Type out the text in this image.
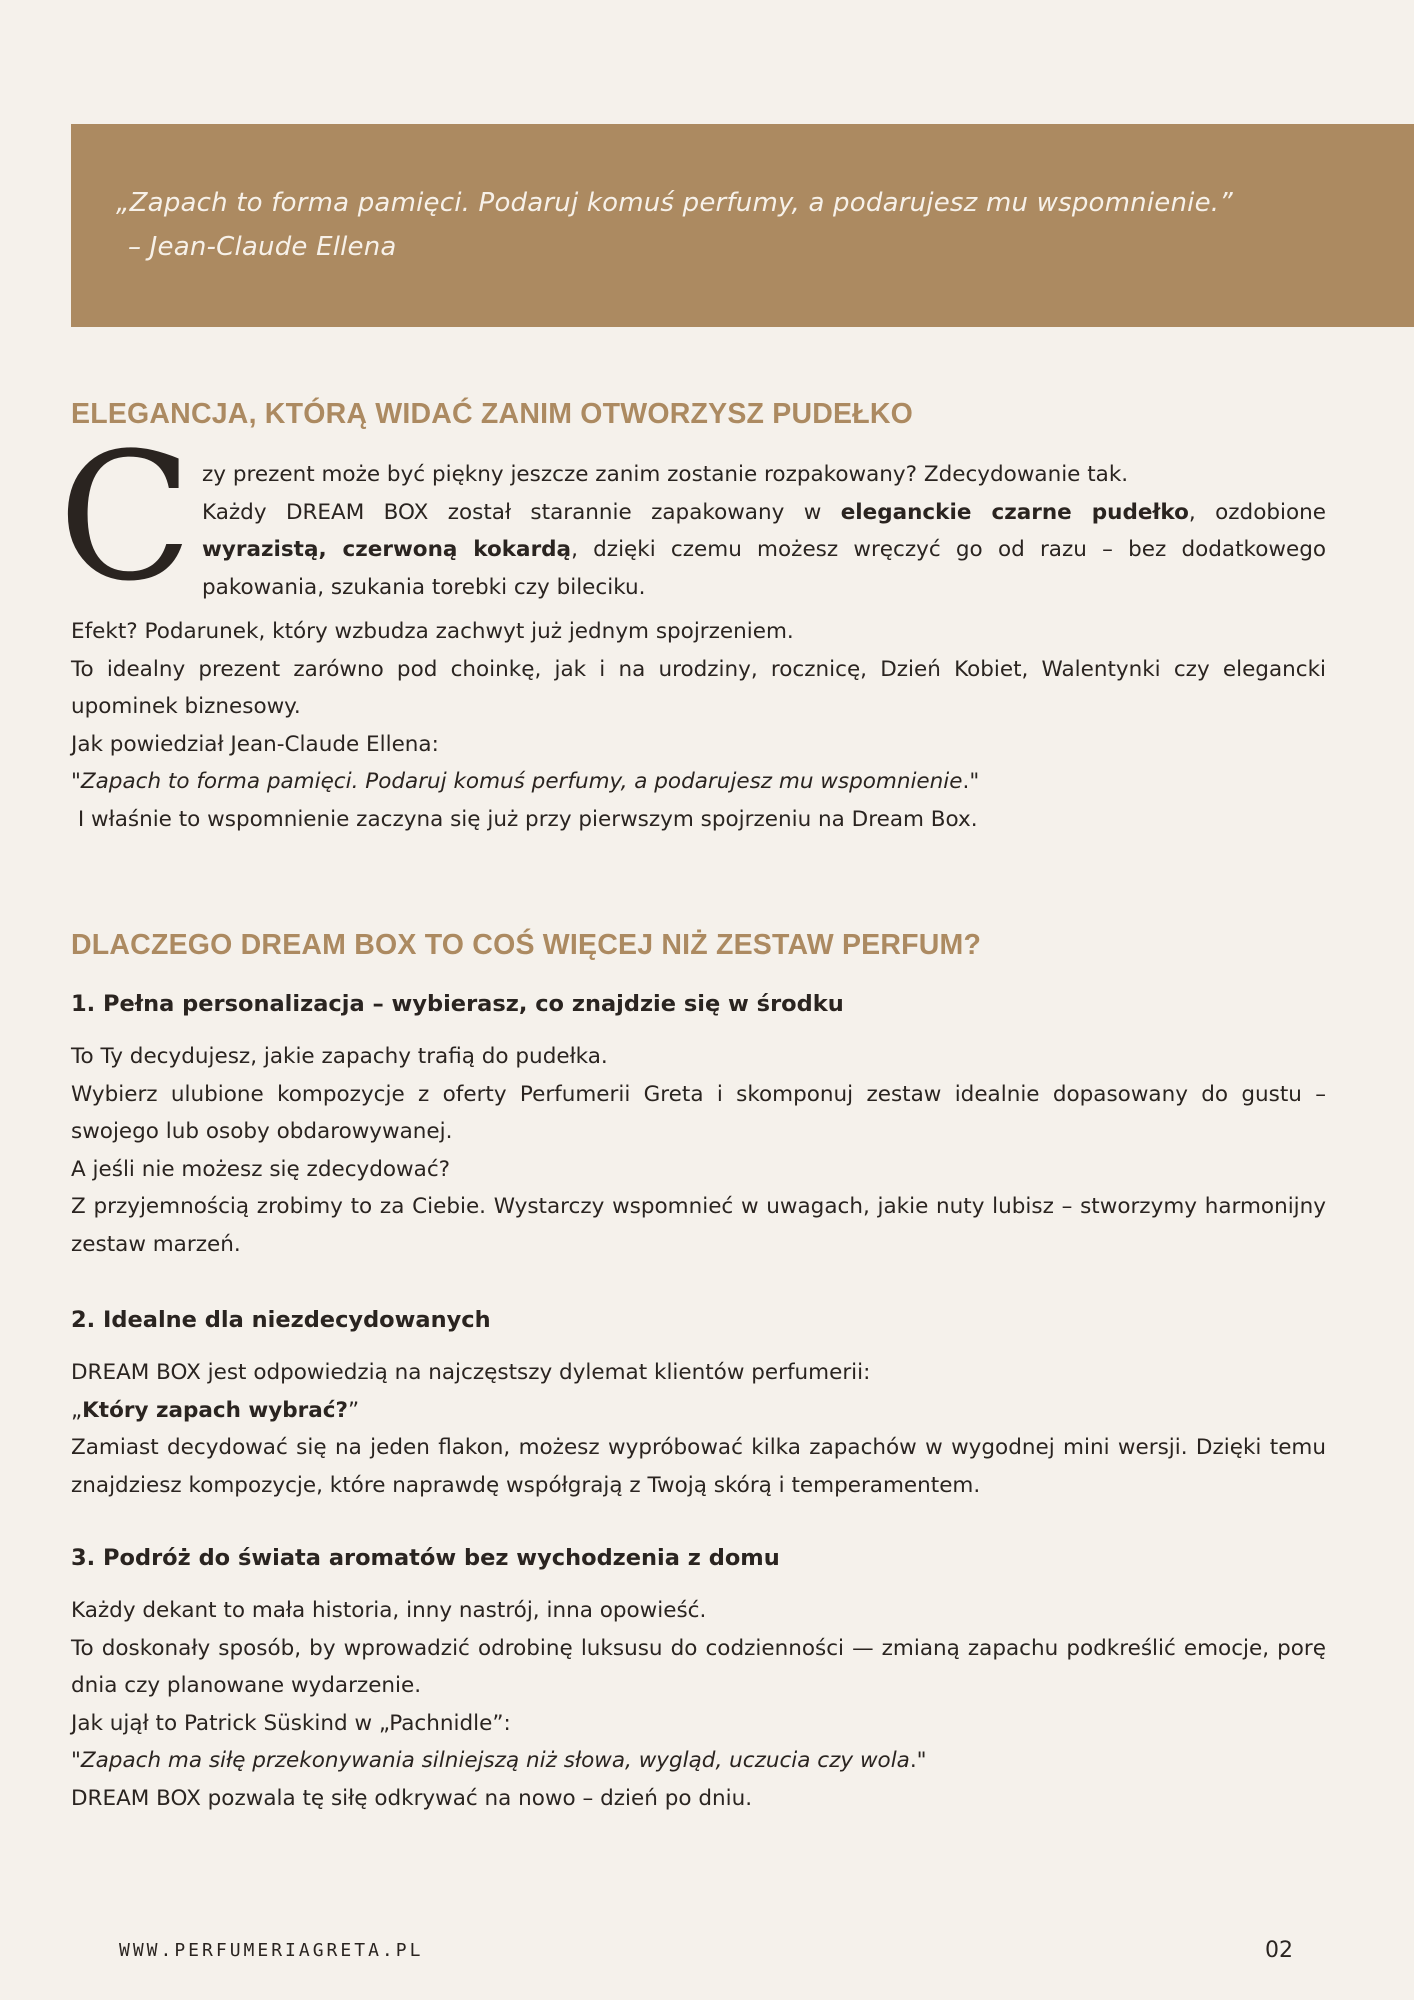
„Zapach to forma pamięci. Podaruj komuś perfumy, a podarujesz mu wspomnienie.”
– Jean-Claude Ellena
ELEGANCJA, KTÓRĄ WIDAĆ ZANIM OTWORZYSZ PUDEŁKO
C zy prezent może być piękny jeszcze zanim zostanie rozpakowany? Zdecydowanie tak.

Każdy DREAM BOX został starannie zapakowany w eleganckie czarne pudełko, ozdobione wyrazistą, czerwoną kokardą, dzięki czemu możesz wręczyć go od razu – bez dodatkowego pakowania, szukania torebki czy bileciku.

Efekt? Podarunek, który wzbudza zachwyt już jednym spojrzeniem.

To idealny prezent zarówno pod choinkę, jak i na urodziny, rocznicę, Dzień Kobiet, Walentynki czy elegancki upominek biznesowy.

Jak powiedział Jean-Claude Ellena:

"Zapach to forma pamięci. Podaruj komuś perfumy, a podarujesz mu wspomnienie."

I właśnie to wspomnienie zaczyna się już przy pierwszym spojrzeniu na Dream Box.

DLACZEGO DREAM BOX TO COŚ WIĘCEJ NIŻ ZESTAW PERFUM?
1. Pełna personalizacja – wybierasz, co znajdzie się w środku

To Ty decydujesz, jakie zapachy trafią do pudełka.

Wybierz ulubione kompozycje z oferty Perfumerii Greta i skomponuj zestaw idealnie dopasowany do gustu – swojego lub osoby obdarowywanej.

A jeśli nie możesz się zdecydować?

Z przyjemnością zrobimy to za Ciebie. Wystarczy wspomnieć w uwagach, jakie nuty lubisz – stworzymy harmonijny zestaw marzeń.

2. Idealne dla niezdecydowanych

DREAM BOX jest odpowiedzią na najczęstszy dylemat klientów perfumerii:

„Który zapach wybrać?”

Zamiast decydować się na jeden flakon, możesz wypróbować kilka zapachów w wygodnej mini wersji. Dzięki temu znajdziesz kompozycje, które naprawdę współgrają z Twoją skórą i temperamentem.

3. Podróż do świata aromatów bez wychodzenia z domu

Każdy dekant to mała historia, inny nastrój, inna opowieść.

To doskonały sposób, by wprowadzić odrobinę luksusu do codzienności — zmianą zapachu podkreślić emocje, porę dnia czy planowane wydarzenie.

Jak ujął to Patrick Süskind w „Pachnidle”:

"Zapach ma siłę przekonywania silniejszą niż słowa, wygląd, uczucia czy wola."

DREAM BOX pozwala tę siłę odkrywać na nowo – dzień po dniu.

WWW.PERFUMERIAGRETA.PL	02
